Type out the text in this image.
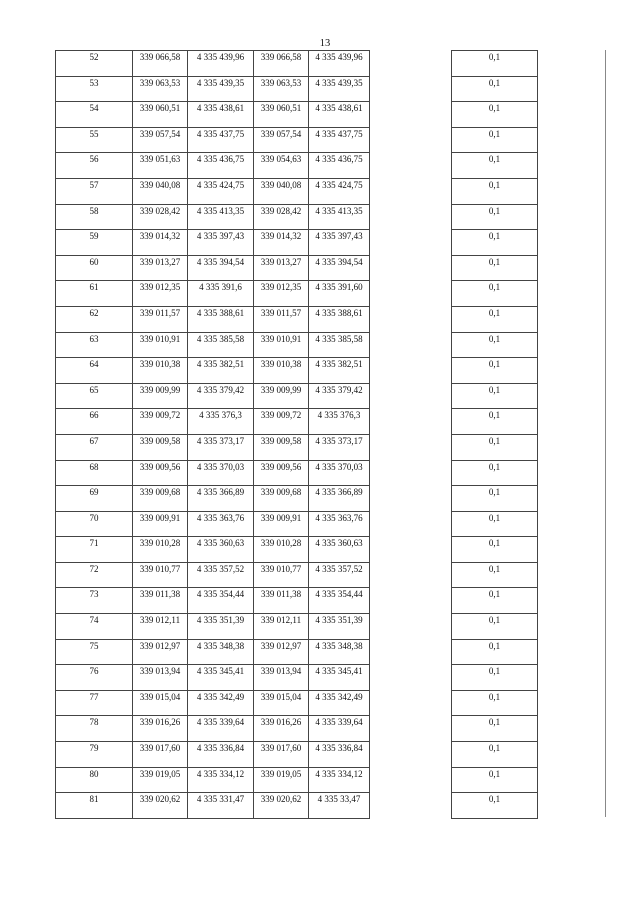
13
52	339 066,58	4 335 439,96	339 066,58	4 335 439,96		0,1	
53	339 063,53	4 335 439,35	339 063,53	4 335 439,35		0,1	
54	339 060,51	4 335 438,61	339 060,51	4 335 438,61		0,1	
55	339 057,54	4 335 437,75	339 057,54	4 335 437,75		0,1	
56	339 051,63	4 335 436,75	339 054,63	4 335 436,75		0,1	
57	339 040,08	4 335 424,75	339 040,08	4 335 424,75		0,1	
58	339 028,42	4 335 413,35	339 028,42	4 335 413,35		0,1	
59	339 014,32	4 335 397,43	339 014,32	4 335 397,43		0,1	
60	339 013,27	4 335 394,54	339 013,27	4 335 394,54		0,1	
61	339 012,35	4 335 391,6	339 012,35	4 335 391,60		0,1	
62	339 011,57	4 335 388,61	339 011,57	4 335 388,61		0,1	
63	339 010,91	4 335 385,58	339 010,91	4 335 385,58		0,1	
64	339 010,38	4 335 382,51	339 010,38	4 335 382,51		0,1	
65	339 009,99	4 335 379,42	339 009,99	4 335 379,42		0,1	
66	339 009,72	4 335 376,3	339 009,72	4 335 376,3		0,1	
67	339 009,58	4 335 373,17	339 009,58	4 335 373,17		0,1	
68	339 009,56	4 335 370,03	339 009,56	4 335 370,03		0,1	
69	339 009,68	4 335 366,89	339 009,68	4 335 366,89		0,1	
70	339 009,91	4 335 363,76	339 009,91	4 335 363,76		0,1	
71	339 010,28	4 335 360,63	339 010,28	4 335 360,63		0,1	
72	339 010,77	4 335 357,52	339 010,77	4 335 357,52		0,1	
73	339 011,38	4 335 354,44	339 011,38	4 335 354,44		0,1	
74	339 012,11	4 335 351,39	339 012,11	4 335 351,39		0,1	
75	339 012,97	4 335 348,38	339 012,97	4 335 348,38		0,1	
76	339 013,94	4 335 345,41	339 013,94	4 335 345,41		0,1	
77	339 015,04	4 335 342,49	339 015,04	4 335 342,49		0,1	
78	339 016,26	4 335 339,64	339 016,26	4 335 339,64		0,1	
79	339 017,60	4 335 336,84	339 017,60	4 335 336,84		0,1	
80	339 019,05	4 335 334,12	339 019,05	4 335 334,12		0,1	
81	339 020,62	4 335 331,47	339 020,62	4 335 33,47		0,1	
